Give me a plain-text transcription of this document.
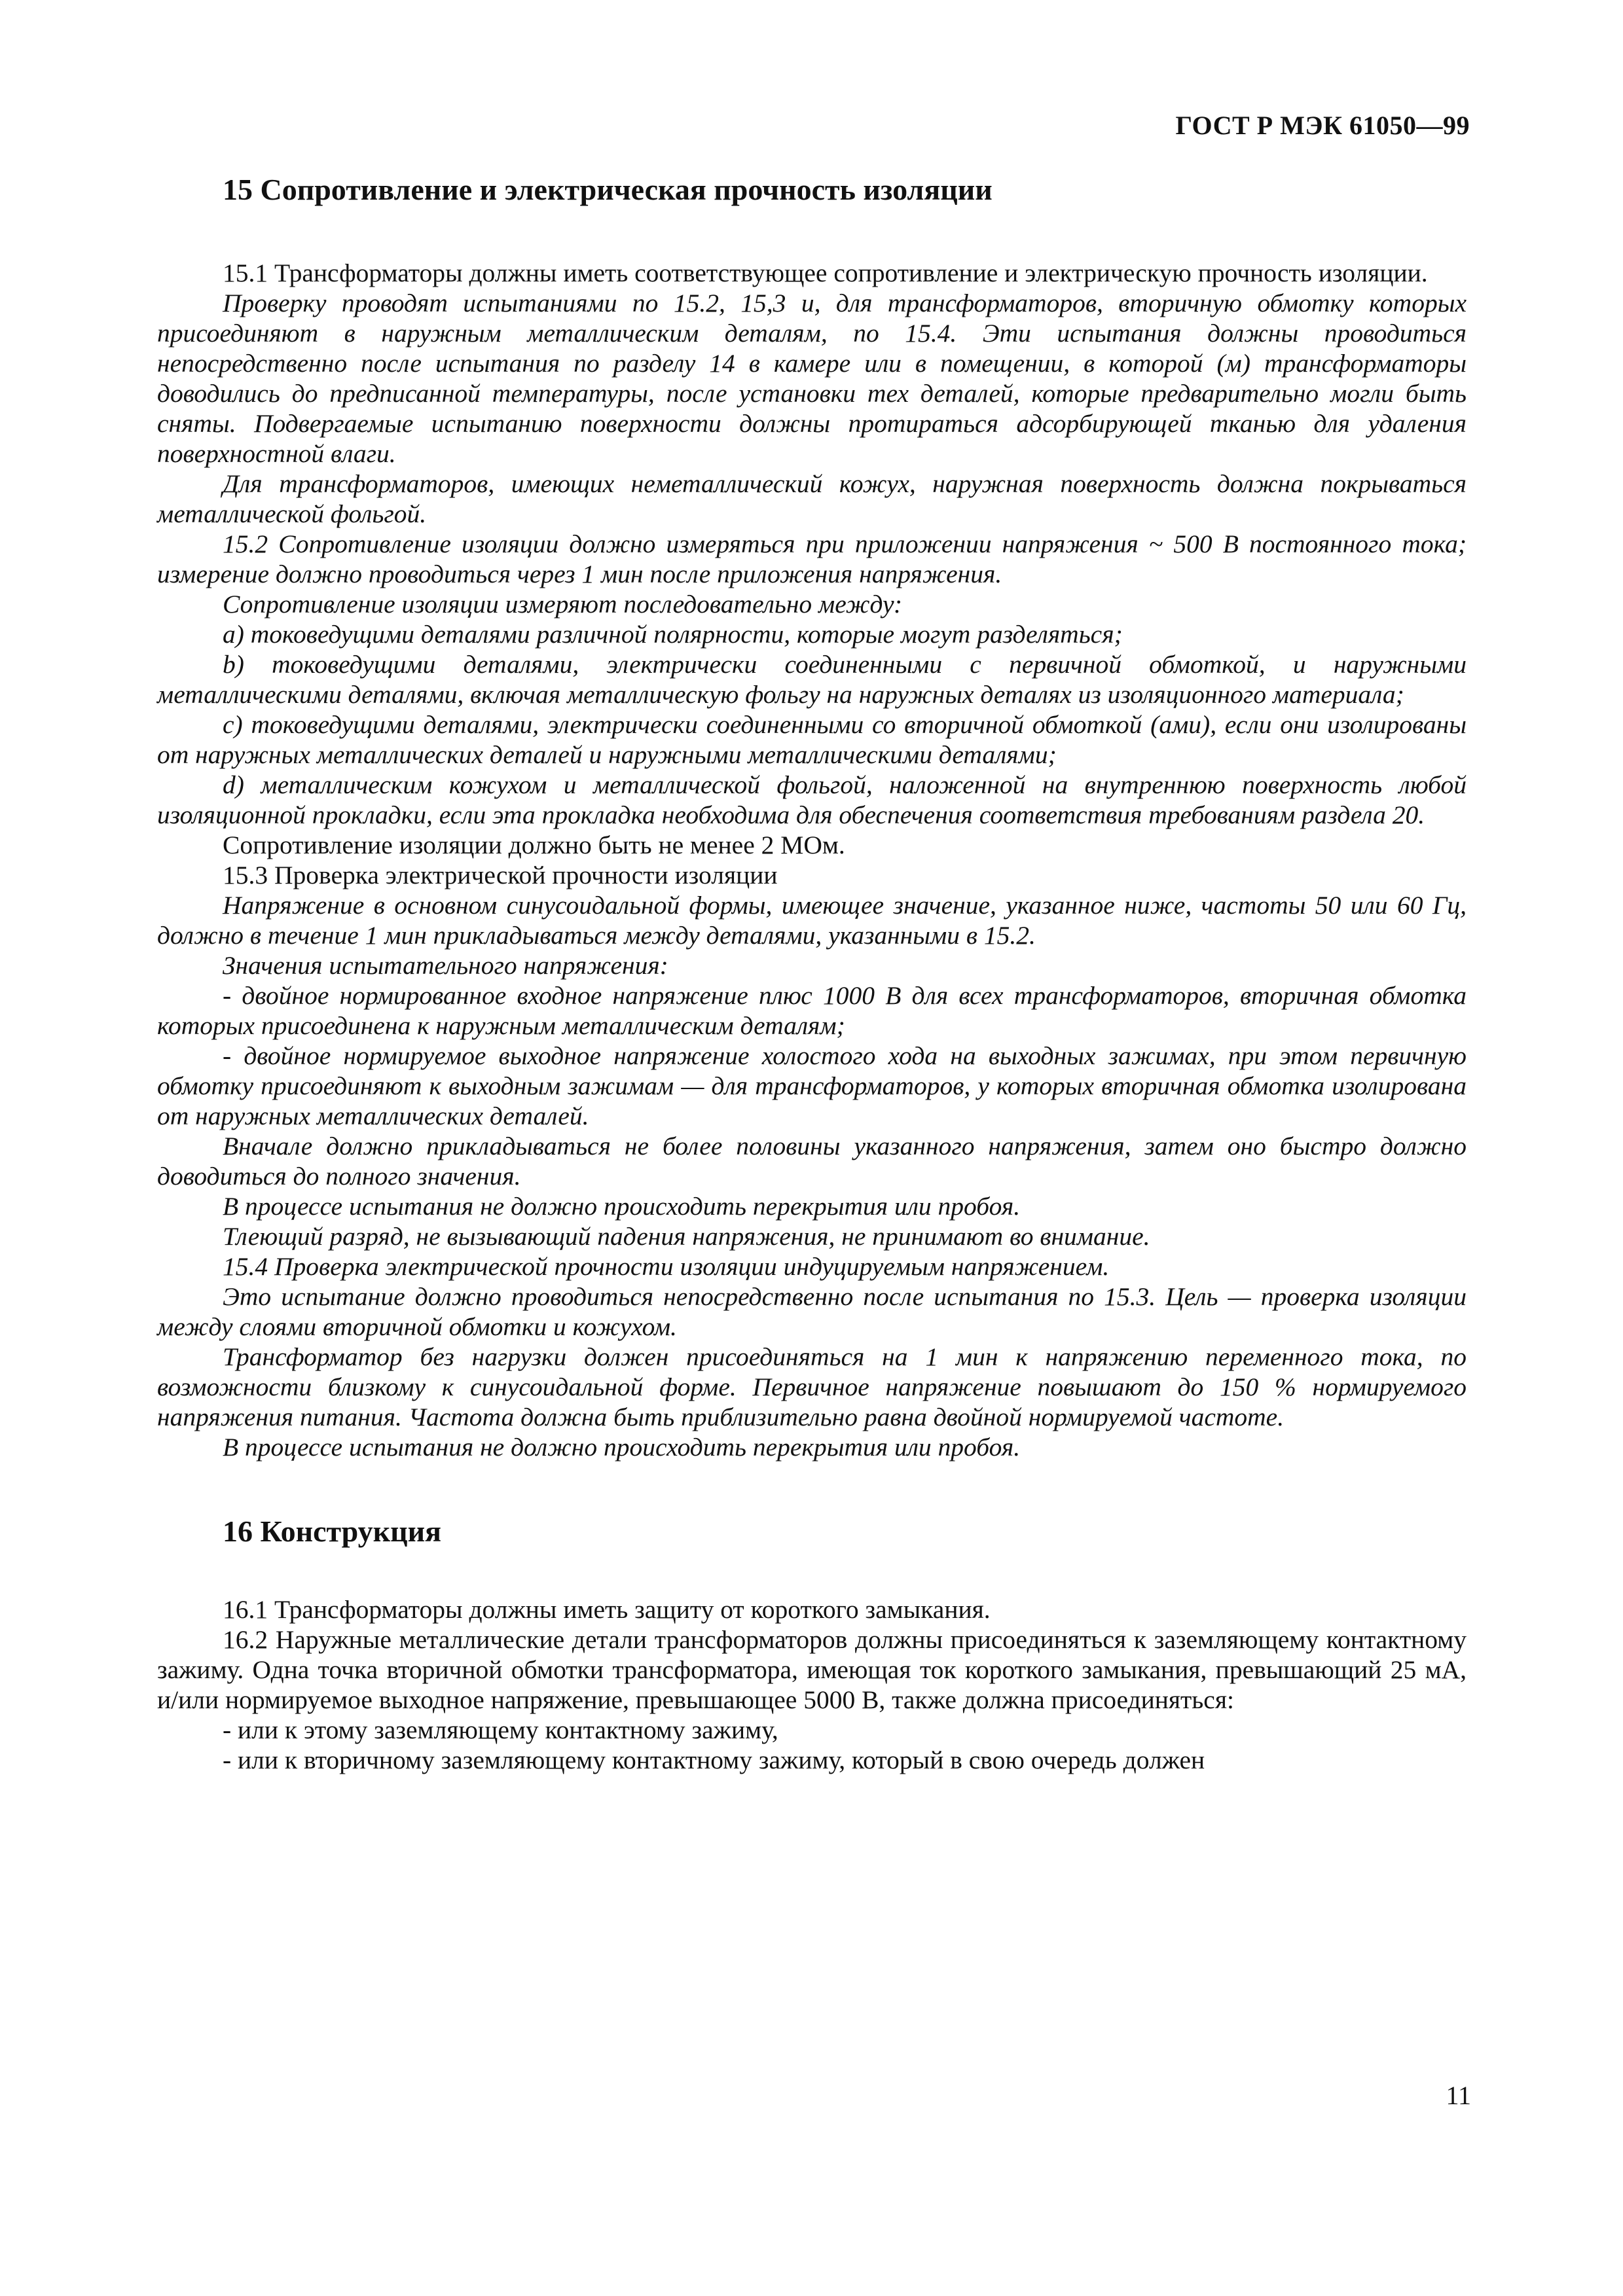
ГОСТ Р МЭК 61050—99
15 Сопротивление и электрическая прочность изоляции

15.1 Трансформаторы должны иметь соответствующее сопротивление и электрическую прочность изоляции.

Проверку проводят испытаниями по 15.2, 15,3 и, для трансформаторов, вторичную обмотку которых присоединяют в наружным металлическим деталям, по 15.4. Эти испытания должны проводиться непосредственно после испытания по разделу 14 в камере или в помещении, в которой (м) трансформаторы доводились до предписанной температуры, после установки тех деталей, которые предварительно могли быть сняты. Подвергаемые испытанию поверхности должны протираться адсорбирующей тканью для удаления поверхностной влаги.

Для трансформаторов, имеющих неметаллический кожух, наружная поверхность должна покрываться металлической фольгой.

15.2 Сопротивление изоляции должно измеряться при приложении напряжения ~ 500 В постоянного тока; измерение должно проводиться через 1 мин после приложения напряжения.

Сопротивление изоляции измеряют последовательно между:

a) токоведущими деталями различной полярности, которые могут разделяться;

b) токоведущими деталями, электрически соединенными с первичной обмоткой, и наружными металлическими деталями, включая металлическую фольгу на наружных деталях из изоляционного материала;

c) токоведущими деталями, электрически соединенными со вторичной обмоткой (ами), если они изолированы от наружных металлических деталей и наружными металлическими деталями;

d) металлическим кожухом и металлической фольгой, наложенной на внутреннюю поверхность любой изоляционной прокладки, если эта прокладка необходима для обеспечения соответствия требованиям раздела 20.

Сопротивление изоляции должно быть не менее 2 МОм.

15.3 Проверка электрической прочности изоляции

Напряжение в основном синусоидальной формы, имеющее значение, указанное ниже, частоты 50 или 60 Гц, должно в течение 1 мин прикладываться между деталями, указанными в 15.2.

Значения испытательного напряжения:

- двойное нормированное входное напряжение плюс 1000 В для всех трансформаторов, вторичная обмотка которых присоединена к наружным металлическим деталям;

- двойное нормируемое выходное напряжение холостого хода на выходных зажимах, при этом первичную обмотку присоединяют к выходным зажимам — для трансформаторов, у которых вторичная обмотка изолирована от наружных металлических деталей.

Вначале должно прикладываться не более половины указанного напряжения, затем оно быстро должно доводиться до полного значения.

В процессе испытания не должно происходить перекрытия или пробоя.

Тлеющий разряд, не вызывающий падения напряжения, не принимают во внимание.

15.4 Проверка электрической прочности изоляции индуцируемым напряжением.

Это испытание должно проводиться непосредственно после испытания по 15.3. Цель — проверка изоляции между слоями вторичной обмотки и кожухом.

Трансформатор без нагрузки должен присоединяться на 1 мин к напряжению переменного тока, по возможности близкому к синусоидальной форме. Первичное напряжение повышают до 150 % нормируемого напряжения питания. Частота должна быть приблизительно равна двойной нормируемой частоте.

В процессе испытания не должно происходить перекрытия или пробоя.

16 Конструкция

16.1 Трансформаторы должны иметь защиту от короткого замыкания.

16.2 Наружные металлические детали трансформаторов должны присоединяться к заземляющему контактному зажиму. Одна точка вторичной обмотки трансформатора, имеющая ток короткого замыкания, превышающий 25 мА, и/или нормируемое выходное напряжение, превышающее 5000 В, также должна присоединяться:

- или к этому заземляющему контактному зажиму,

- или к вторичному заземляющему контактному зажиму, который в свою очередь должен

11
